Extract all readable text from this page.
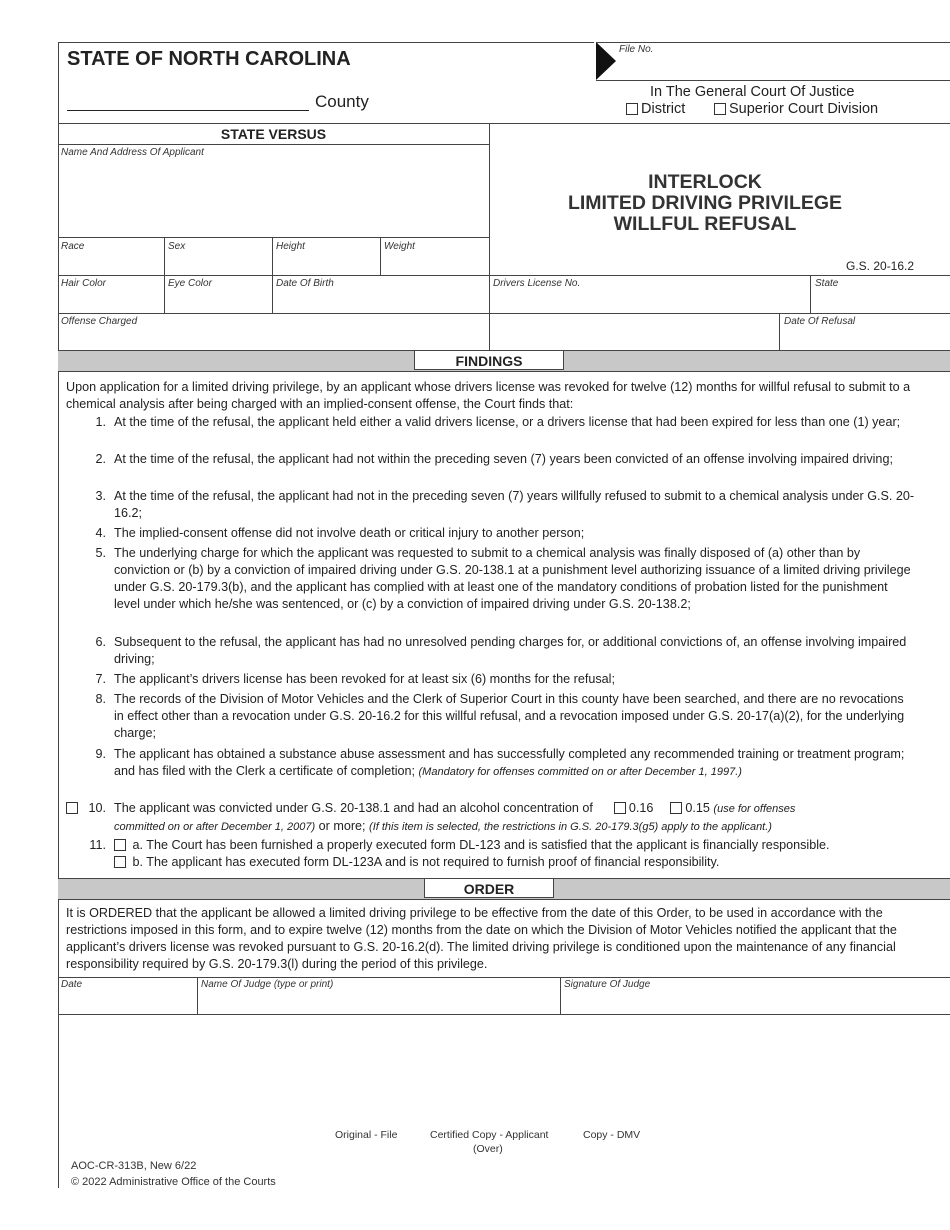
STATE OF NORTH CAROLINA
County
File No.
In The General Court Of Justice
District	Superior Court Division
STATE VERSUS
Name And Address Of Applicant
INTERLOCK
LIMITED DRIVING PRIVILEGE
WILLFUL REFUSAL
G.S. 20-16.2
Race	Sex	Height	Weight
Hair Color	Eye Color	Date Of Birth	Drivers License No.	State
Offense Charged	Date Of Refusal
FINDINGS
Upon application for a limited driving privilege, by an applicant whose drivers license was revoked for twelve (12) months for willful refusal to submit to a chemical analysis after being charged with an implied-consent offense, the Court finds that:
1. At the time of the refusal, the applicant held either a valid drivers license, or a drivers license that had been expired for less than one (1) year;
2. At the time of the refusal, the applicant had not within the preceding seven (7) years been convicted of an offense involving impaired driving;
3. At the time of the refusal, the applicant had not in the preceding seven (7) years willfully refused to submit to a chemical analysis under G.S. 20-16.2;
4. The implied-consent offense did not involve death or critical injury to another person;
5. The underlying charge for which the applicant was requested to submit to a chemical analysis was finally disposed of (a) other than by conviction or (b) by a conviction of impaired driving under G.S. 20-138.1 at a punishment level authorizing issuance of a limited driving privilege under G.S. 20-179.3(b), and the applicant has complied with at least one of the mandatory conditions of probation listed for the punishment level under which he/she was sentenced, or (c) by a conviction of impaired driving under G.S. 20-138.2;
6. Subsequent to the refusal, the applicant has had no unresolved pending charges for, or additional convictions of, an offense involving impaired driving;
7. The applicant’s drivers license has been revoked for at least six (6) months for the refusal;
8. The records of the Division of Motor Vehicles and the Clerk of Superior Court in this county have been searched, and there are no revocations in effect other than a revocation under G.S. 20-16.2 for this willful refusal, and a revocation imposed under G.S. 20-17(a)(2), for the underlying charge;
9. The applicant has obtained a substance abuse assessment and has successfully completed any recommended training or treatment program; and has filed with the Clerk a certificate of completion; (Mandatory for offenses committed on or after December 1, 1997.)
10. The applicant was convicted under G.S. 20-138.1 and had an alcohol concentration of	0.16	0.15 (use for offenses
committed on or after December 1, 2007) or more; (If this item is selected, the restrictions in G.S. 20-179.3(g5) apply to the applicant.)
11.	a. The Court has been furnished a properly executed form DL-123 and is satisfied that the applicant is financially responsible.
b. The applicant has executed form DL-123A and is not required to furnish proof of financial responsibility.
ORDER
It is ORDERED that the applicant be allowed a limited driving privilege to be effective from the date of this Order, to be used in accordance with the restrictions imposed in this form, and to expire twelve (12) months from the date on which the Division of Motor Vehicles notified the applicant that the applicant’s drivers license was revoked pursuant to G.S. 20-16.2(d). The limited driving privilege is conditioned upon the maintenance of any financial responsibility required by G.S. 20-179.3(l) during the period of this privilege.
Date	Name Of Judge (type or print)	Signature Of Judge
Original - File	Certified Copy - Applicant
(Over)
Copy - DMV
AOC-CR-313B, New 6/22
© 2022 Administrative Office of the Courts
